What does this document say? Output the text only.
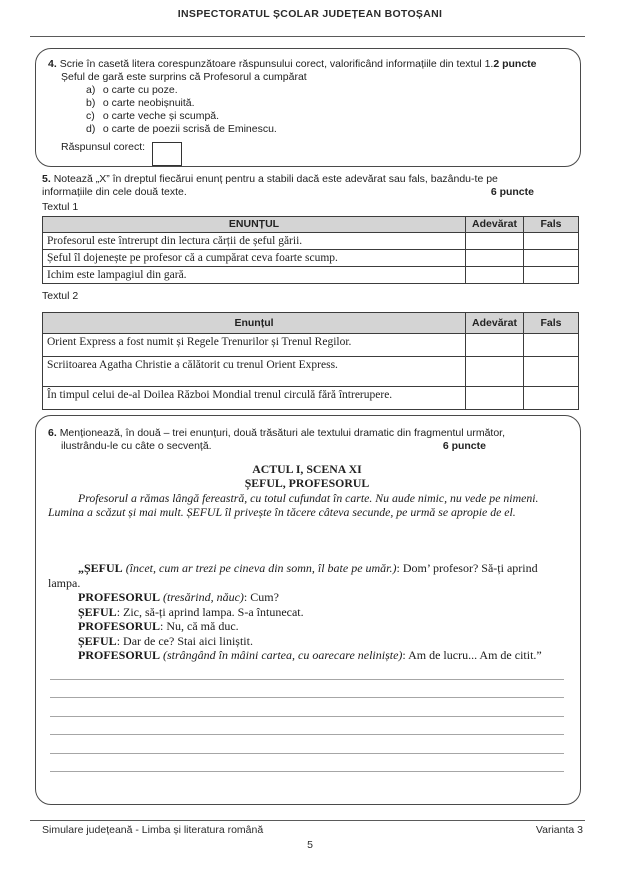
INSPECTORATUL ȘCOLAR JUDEȚEAN BOTOȘANI
4.
Scrie în casetă litera corespunzătoare răspunsului corect, valorificând informațiile din textul 1. 2 puncte
Șeful de gară este surprins că Profesorul a cumpărat
a) o carte cu poze.
b) o carte neobișnuită.
c) o carte veche și scumpă.
d) o carte de poezii scrisă de Eminescu.
Răspunsul corect:
5.
Notează „X” în dreptul fiecărui enunț pentru a stabili dacă este adevărat sau fals, bazându-te pe
informațiile din cele două texte.	6 puncte
Textul 1
ENUNȚUL	Adevărat	Fals
Profesorul este întrerupt din lectura cărții de șeful gării.		
Șeful îl dojenește pe profesor că a cumpărat ceva foarte scump.		
Ichim este lampagiul din gară.		
Textul 2
Enunțul	Adevărat	Fals
Orient Express a fost numit și Regele Trenurilor și Trenul Regilor.		
Scriitoarea Agatha Christie a călătorit cu trenul Orient Express.		
În timpul celui de-al Doilea Război Mondial trenul circulă fără întrerupere.		
6.
Menționează, în două – trei enunțuri, două trăsături ale textului dramatic din fragmentul următor,
ilustrându-le cu câte o secvență.	6 puncte
ACTUL I, SCENA XI
ȘEFUL, PROFESORUL
Profesorul a rămas lângă fereastră, cu totul cufundat în carte. Nu aude nimic, nu vede pe nimeni.
Lumina a scăzut și mai mult. ȘEFUL îl privește în tăcere câteva secunde, pe urmă se apropie de el.

„ȘEFUL (încet, cum ar trezi pe cineva din somn, îl bate pe umăr.): Dom’ profesor? Să-ți aprind lampa.

PROFESORUL (tresărind, năuc): Cum?

ȘEFUL: Zic, să-ți aprind lampa. S-a întunecat.

PROFESORUL: Nu, că mă duc.

ȘEFUL: Dar de ce? Stai aici liniștit.

PROFESORUL (strângând în mâini cartea, cu oarecare neliniște): Am de lucru... Am de citit.”

Simulare județeană - Limba și literatura română	Varianta 3
5
